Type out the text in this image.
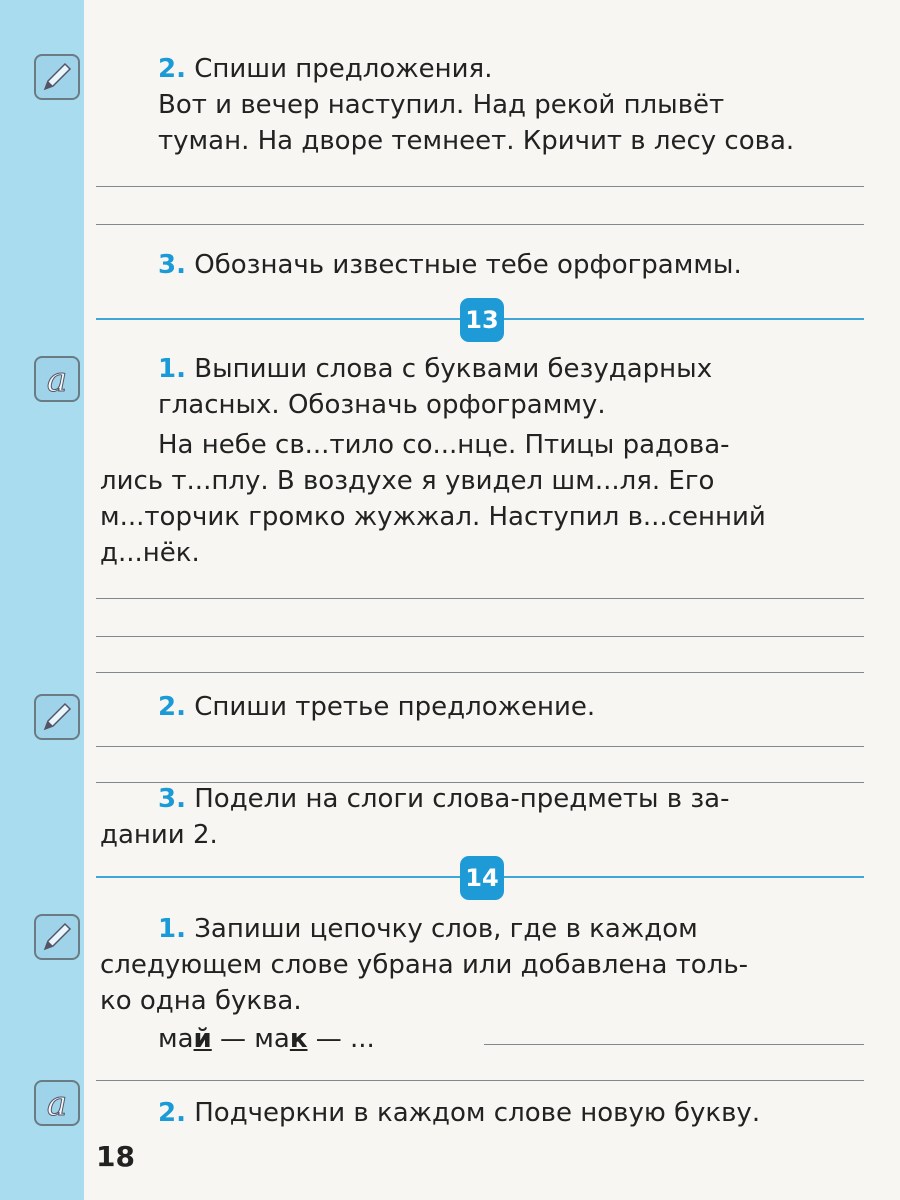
a
a
2. Спиши предложения.
Вот и вечер наступил. Над рекой плывёт
туман. На дворе темнеет. Кричит в лесу сова.
3. Обозначь известные тебе орфограммы.
13
1. Выпиши слова с буквами безударных
гласных. Обозначь орфограмму.
На небе св...тило со...нце. Птицы радова-
лись т...плу. В воздухе я увидел шм...ля. Его
м...торчик громко жужжал. Наступил в...сенний
д...нёк.
2. Спиши третье предложение.
3. Подели на слоги слова-предметы в за-
дании 2.
14
1. Запиши цепочку слов, где в каждом
следующем слове убрана или добавлена толь-
ко одна буква.
май — мак — ...
2. Подчеркни в каждом слове новую букву.
18
